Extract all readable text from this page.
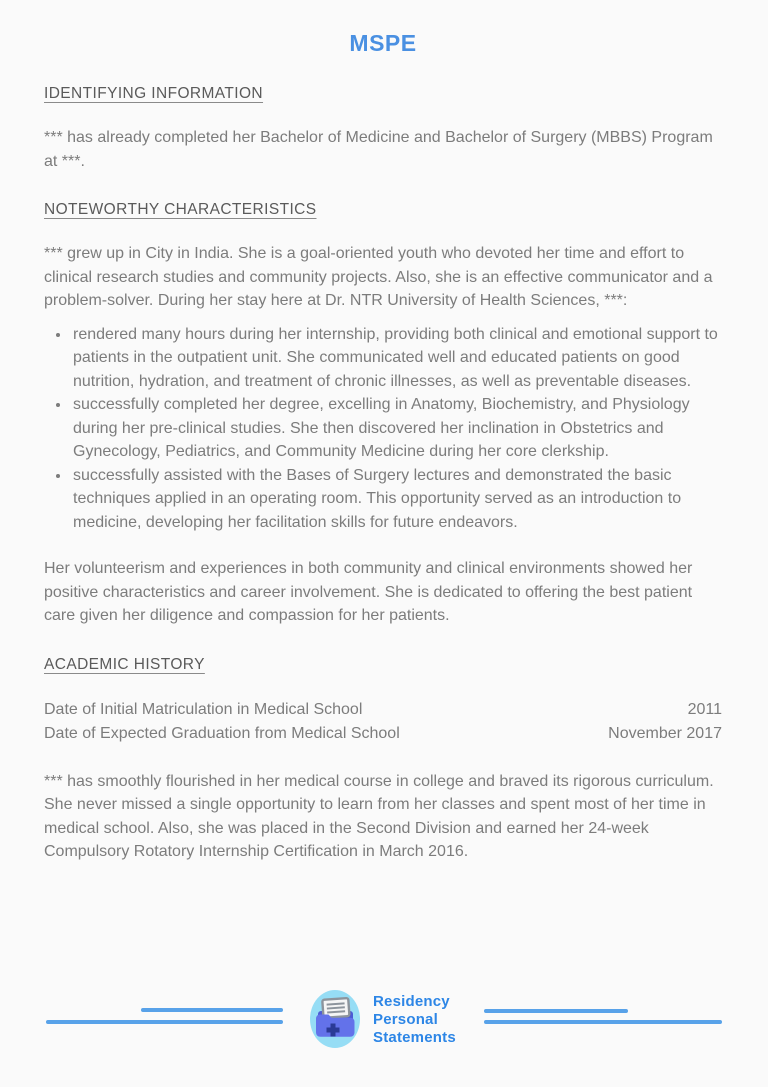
MSPE
IDENTIFYING INFORMATION

*** has already completed her Bachelor of Medicine and Bachelor of Surgery (MBBS) Program at ***.

NOTEWORTHY CHARACTERISTICS

*** grew up in City in India. She is a goal-oriented youth who devoted her time and effort to clinical research studies and community projects. Also, she is an effective communicator and a problem-solver. During her stay here at Dr. NTR University of Health Sciences, ***:

• rendered many hours during her internship, providing both clinical and emotional support to patients in the outpatient unit. She communicated well and educated patients on good nutrition, hydration, and treatment of chronic illnesses, as well as preventable diseases.
• successfully completed her degree, excelling in Anatomy, Biochemistry, and Physiology during her pre-clinical studies. She then discovered her inclination in Obstetrics and Gynecology, Pediatrics, and Community Medicine during her core clerkship.
• successfully assisted with the Bases of Surgery lectures and demonstrated the basic techniques applied in an operating room. This opportunity served as an introduction to medicine, developing her facilitation skills for future endeavors.

Her volunteerism and experiences in both community and clinical environments showed her positive characteristics and career involvement. She is dedicated to offering the best patient care given her diligence and compassion for her patients.

ACADEMIC HISTORY
Date of Initial Matriculation in Medical School	2011
Date of Expected Graduation from Medical School	November 2017

*** has smoothly flourished in her medical course in college and braved its rigorous curriculum. She never missed a single opportunity to learn from her classes and spent most of her time in medical school. Also, she was placed in the Second Division and earned her 24-week Compulsory Rotatory Internship Certification in March 2016.

Residency
Personal
Statements
